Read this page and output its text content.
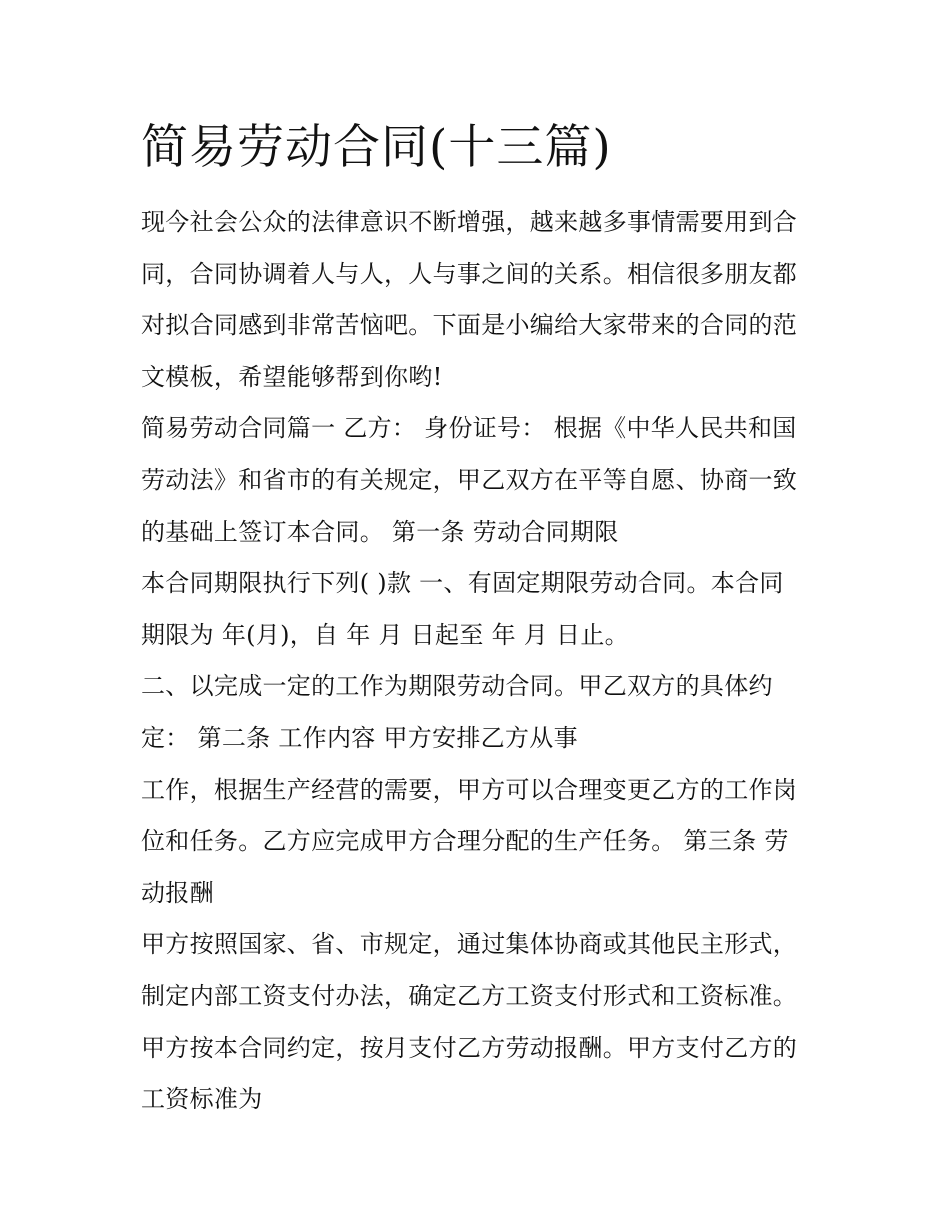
简易劳动合同(十三篇)
现今社会公众的法律意识不断增强，越来越多事情需要用到合
同，合同协调着人与人，人与事之间的关系。相信很多朋友都
对拟合同感到非常苦恼吧。下面是小编给大家带来的合同的范
文模板，希望能够帮到你哟!
简易劳动合同篇一 乙方： 身份证号： 根据《中华人民共和国
劳动法》和省市的有关规定，甲乙双方在平等自愿、协商一致
的基础上签订本合同。 第一条 劳动合同期限
本合同期限执行下列( )款 一、有固定期限劳动合同。本合同
期限为 年(月)，自 年 月 日起至 年 月 日止。
二、以完成一定的工作为期限劳动合同。甲乙双方的具体约
定： 第二条 工作内容 甲方安排乙方从事
工作，根据生产经营的需要，甲方可以合理变更乙方的工作岗
位和任务。乙方应完成甲方合理分配的生产任务。 第三条 劳
动报酬
甲方按照国家、省、市规定，通过集体协商或其他民主形式，
制定内部工资支付办法，确定乙方工资支付形式和工资标准。
甲方按本合同约定，按月支付乙方劳动报酬。甲方支付乙方的
工资标准为
